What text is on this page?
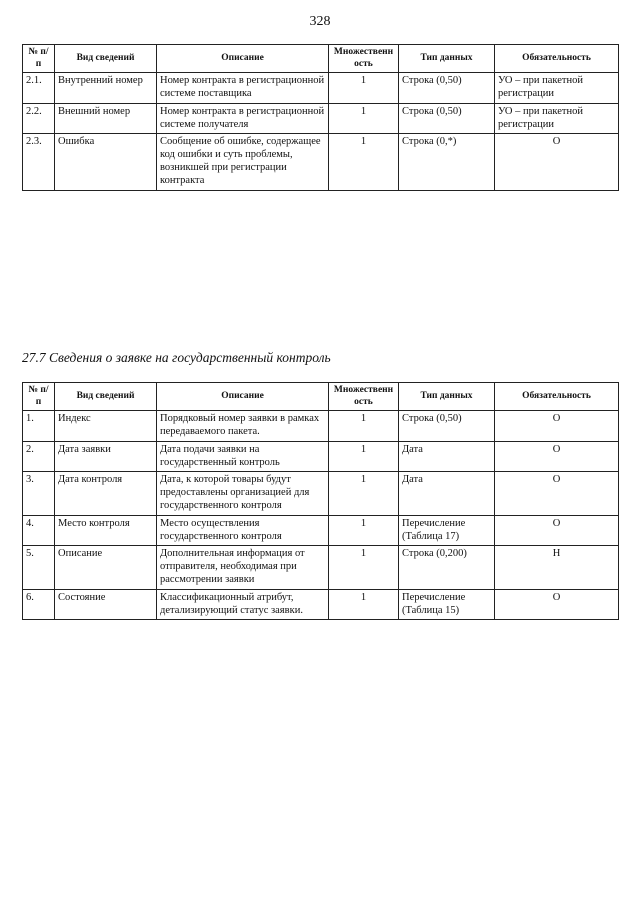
328
№ п/п	Вид сведений	Описание	Множественность	Тип данных	Обязательность
2.1.	Внутренний номер	Номер контракта в регистрационной системе поставщика	1	Строка (0,50)	УО – при пакетной регистрации
2.2.	Внешний номер	Номер контракта в регистрационной системе получателя	1	Строка (0,50)	УО – при пакетной регистрации
2.3.	Ошибка	Сообщение об ошибке, содержащее код ошибки и суть проблемы, возникшей при регистрации контракта	1	Строка (0,*)	О
27.7 Сведения о заявке на государственный контроль
№ п/п	Вид сведений	Описание	Множественность	Тип данных	Обязательность
1.	Индекс	Порядковый номер заявки в рамках передаваемого пакета.	1	Строка (0,50)	О
2.	Дата заявки	Дата подачи заявки на государственный контроль	1	Дата	О
3.	Дата контроля	Дата, к которой товары будут предоставлены организацией для государственного контроля	1	Дата	О
4.	Место контроля	Место осуществления государственного контроля	1	Перечисление (Таблица 17)	О
5.	Описание	Дополнительная информация от отправителя, необходимая при рассмотрении заявки	1	Строка (0,200)	Н
6.	Состояние	Классификационный атрибут, детализирующий статус заявки.	1	Перечисление (Таблица 15)	О
